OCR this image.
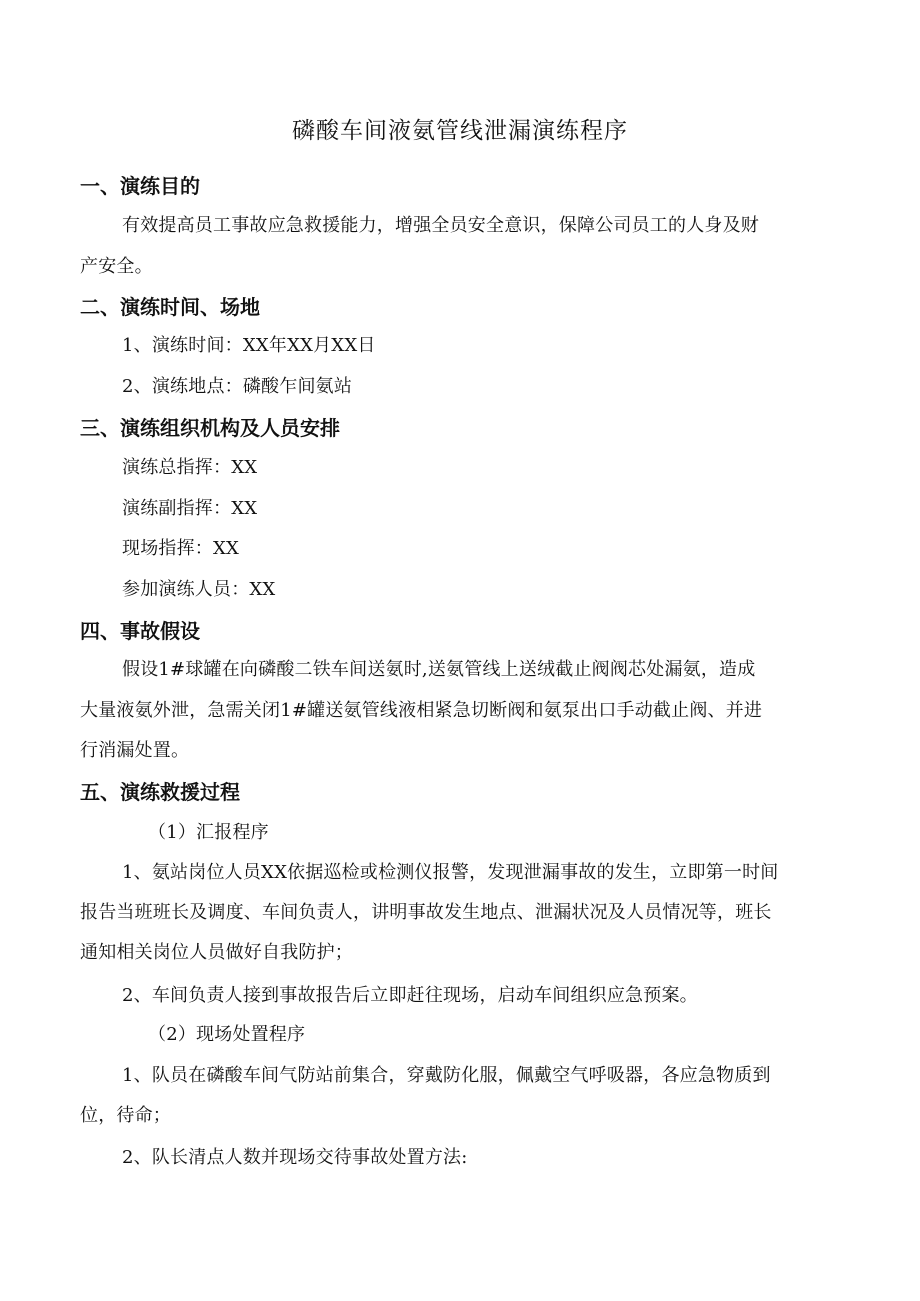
磷酸车间液氨管线泄漏演练程序
一、演练目的
有效提高员工事故应急救援能力，增强全员安全意识，保障公司员工的人身及财
产安全。
二、演练时间、场地
1、演练时间：XX年XX月XX日
2、演练地点：磷酸乍间氨站
三、演练组织机构及人员安排
演练总指挥：XX
演练副指挥：XX
现场指挥：XX
参加演练人员：XX
四、事故假设
假设1#球罐在向磷酸二铁车间送氨时,送氨管线上送绒截止阀阀芯处漏氨，造成
大量液氨外泄，急需关闭1#罐送氨管线液相紧急切断阀和氨泵出口手动截止阀、并进
行消漏处置。
五、演练救援过程
（1）汇报程序
1、氨站岗位人员XX依据巡检或检测仪报警，发现泄漏事故的发生，立即第一时间
报告当班班长及调度、车间负责人，讲明事故发生地点、泄漏状况及人员情况等，班长
通知相关岗位人员做好自我防护；
2、车间负责人接到事故报告后立即赶往现场，启动车间组织应急预案。
（2）现场处置程序
1、队员在磷酸车间气防站前集合，穿戴防化服，佩戴空气呼吸器，各应急物质到
位，待命；
2、队长清点人数并现场交待事故处置方法:
